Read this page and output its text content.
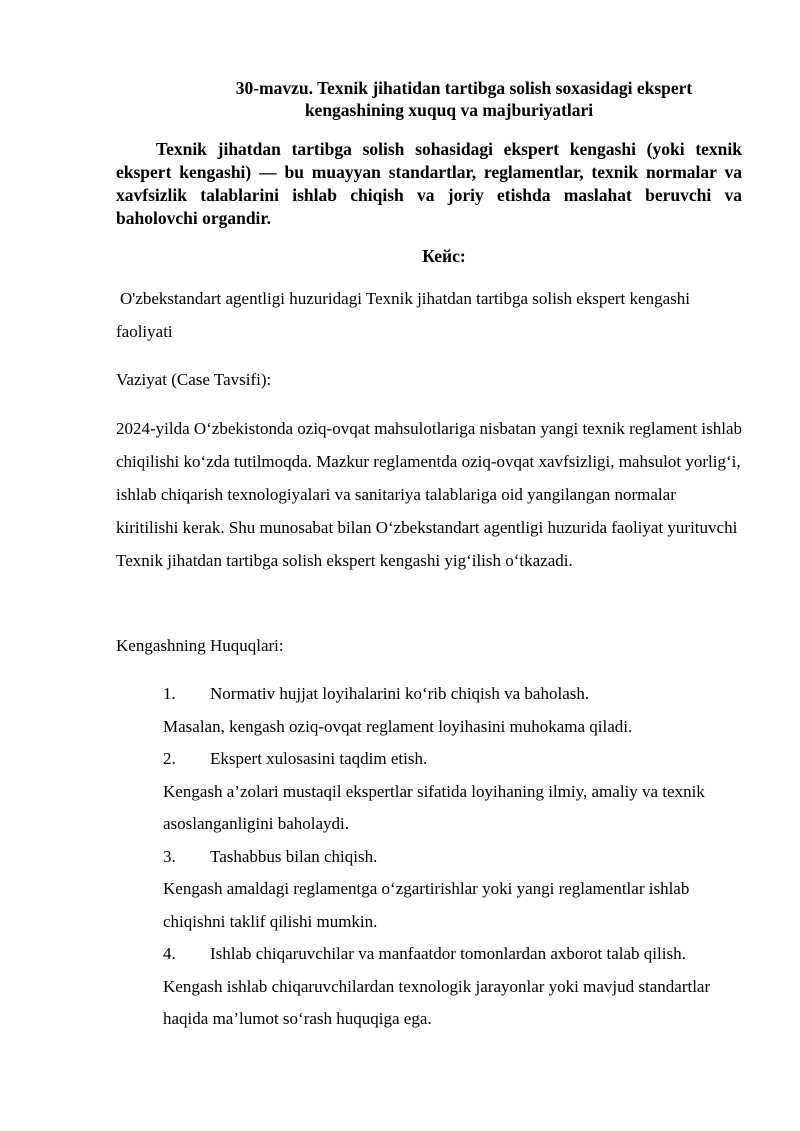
30-mavzu. Texnik jihatidan tartibga solish soxasidagi ekspert
kengashining xuquq va majburiyatlari

Texnik jihatdan tartibga solish sohasidagi ekspert kengashi (yoki texnik ekspert kengashi) — bu muayyan standartlar, reglamentlar, texnik normalar va xavfsizlik talablarini ishlab chiqish va joriy etishda maslahat beruvchi va baholovchi organdir.

Кейс:

O'zbekstandart agentligi huzuridagi Texnik jihatdan tartibga solish ekspert kengashi faoliyati

Vaziyat (Case Tavsifi):

2024-yilda O‘zbekistonda oziq-ovqat mahsulotlariga nisbatan yangi texnik reglament ishlab chiqilishi ko‘zda tutilmoqda. Mazkur reglamentda oziq-ovqat xavfsizligi, mahsulot yorlig‘i, ishlab chiqarish texnologiyalari va sanitariya talablariga oid yangilangan normalar kiritilishi kerak. Shu munosabat bilan O‘zbekstandart agentligi huzurida faoliyat yurituvchi Texnik jihatdan tartibga solish ekspert kengashi yig‘ilish o‘tkazadi.

Kengashning Huquqlari:

1. Normativ hujjat loyihalarini ko‘rib chiqish va baholash.
Masalan, kengash oziq-ovqat reglament loyihasini muhokama qiladi.
2. Ekspert xulosasini taqdim etish.
Kengash a’zolari mustaqil ekspertlar sifatida loyihaning ilmiy, amaliy va texnik asoslanganligini baholaydi.
3. Tashabbus bilan chiqish.
Kengash amaldagi reglamentga o‘zgartirishlar yoki yangi reglamentlar ishlab chiqishni taklif qilishi mumkin.
4. Ishlab chiqaruvchilar va manfaatdor tomonlardan axborot talab qilish.
Kengash ishlab chiqaruvchilardan texnologik jarayonlar yoki mavjud standartlar haqida ma’lumot so‘rash huquqiga ega.
